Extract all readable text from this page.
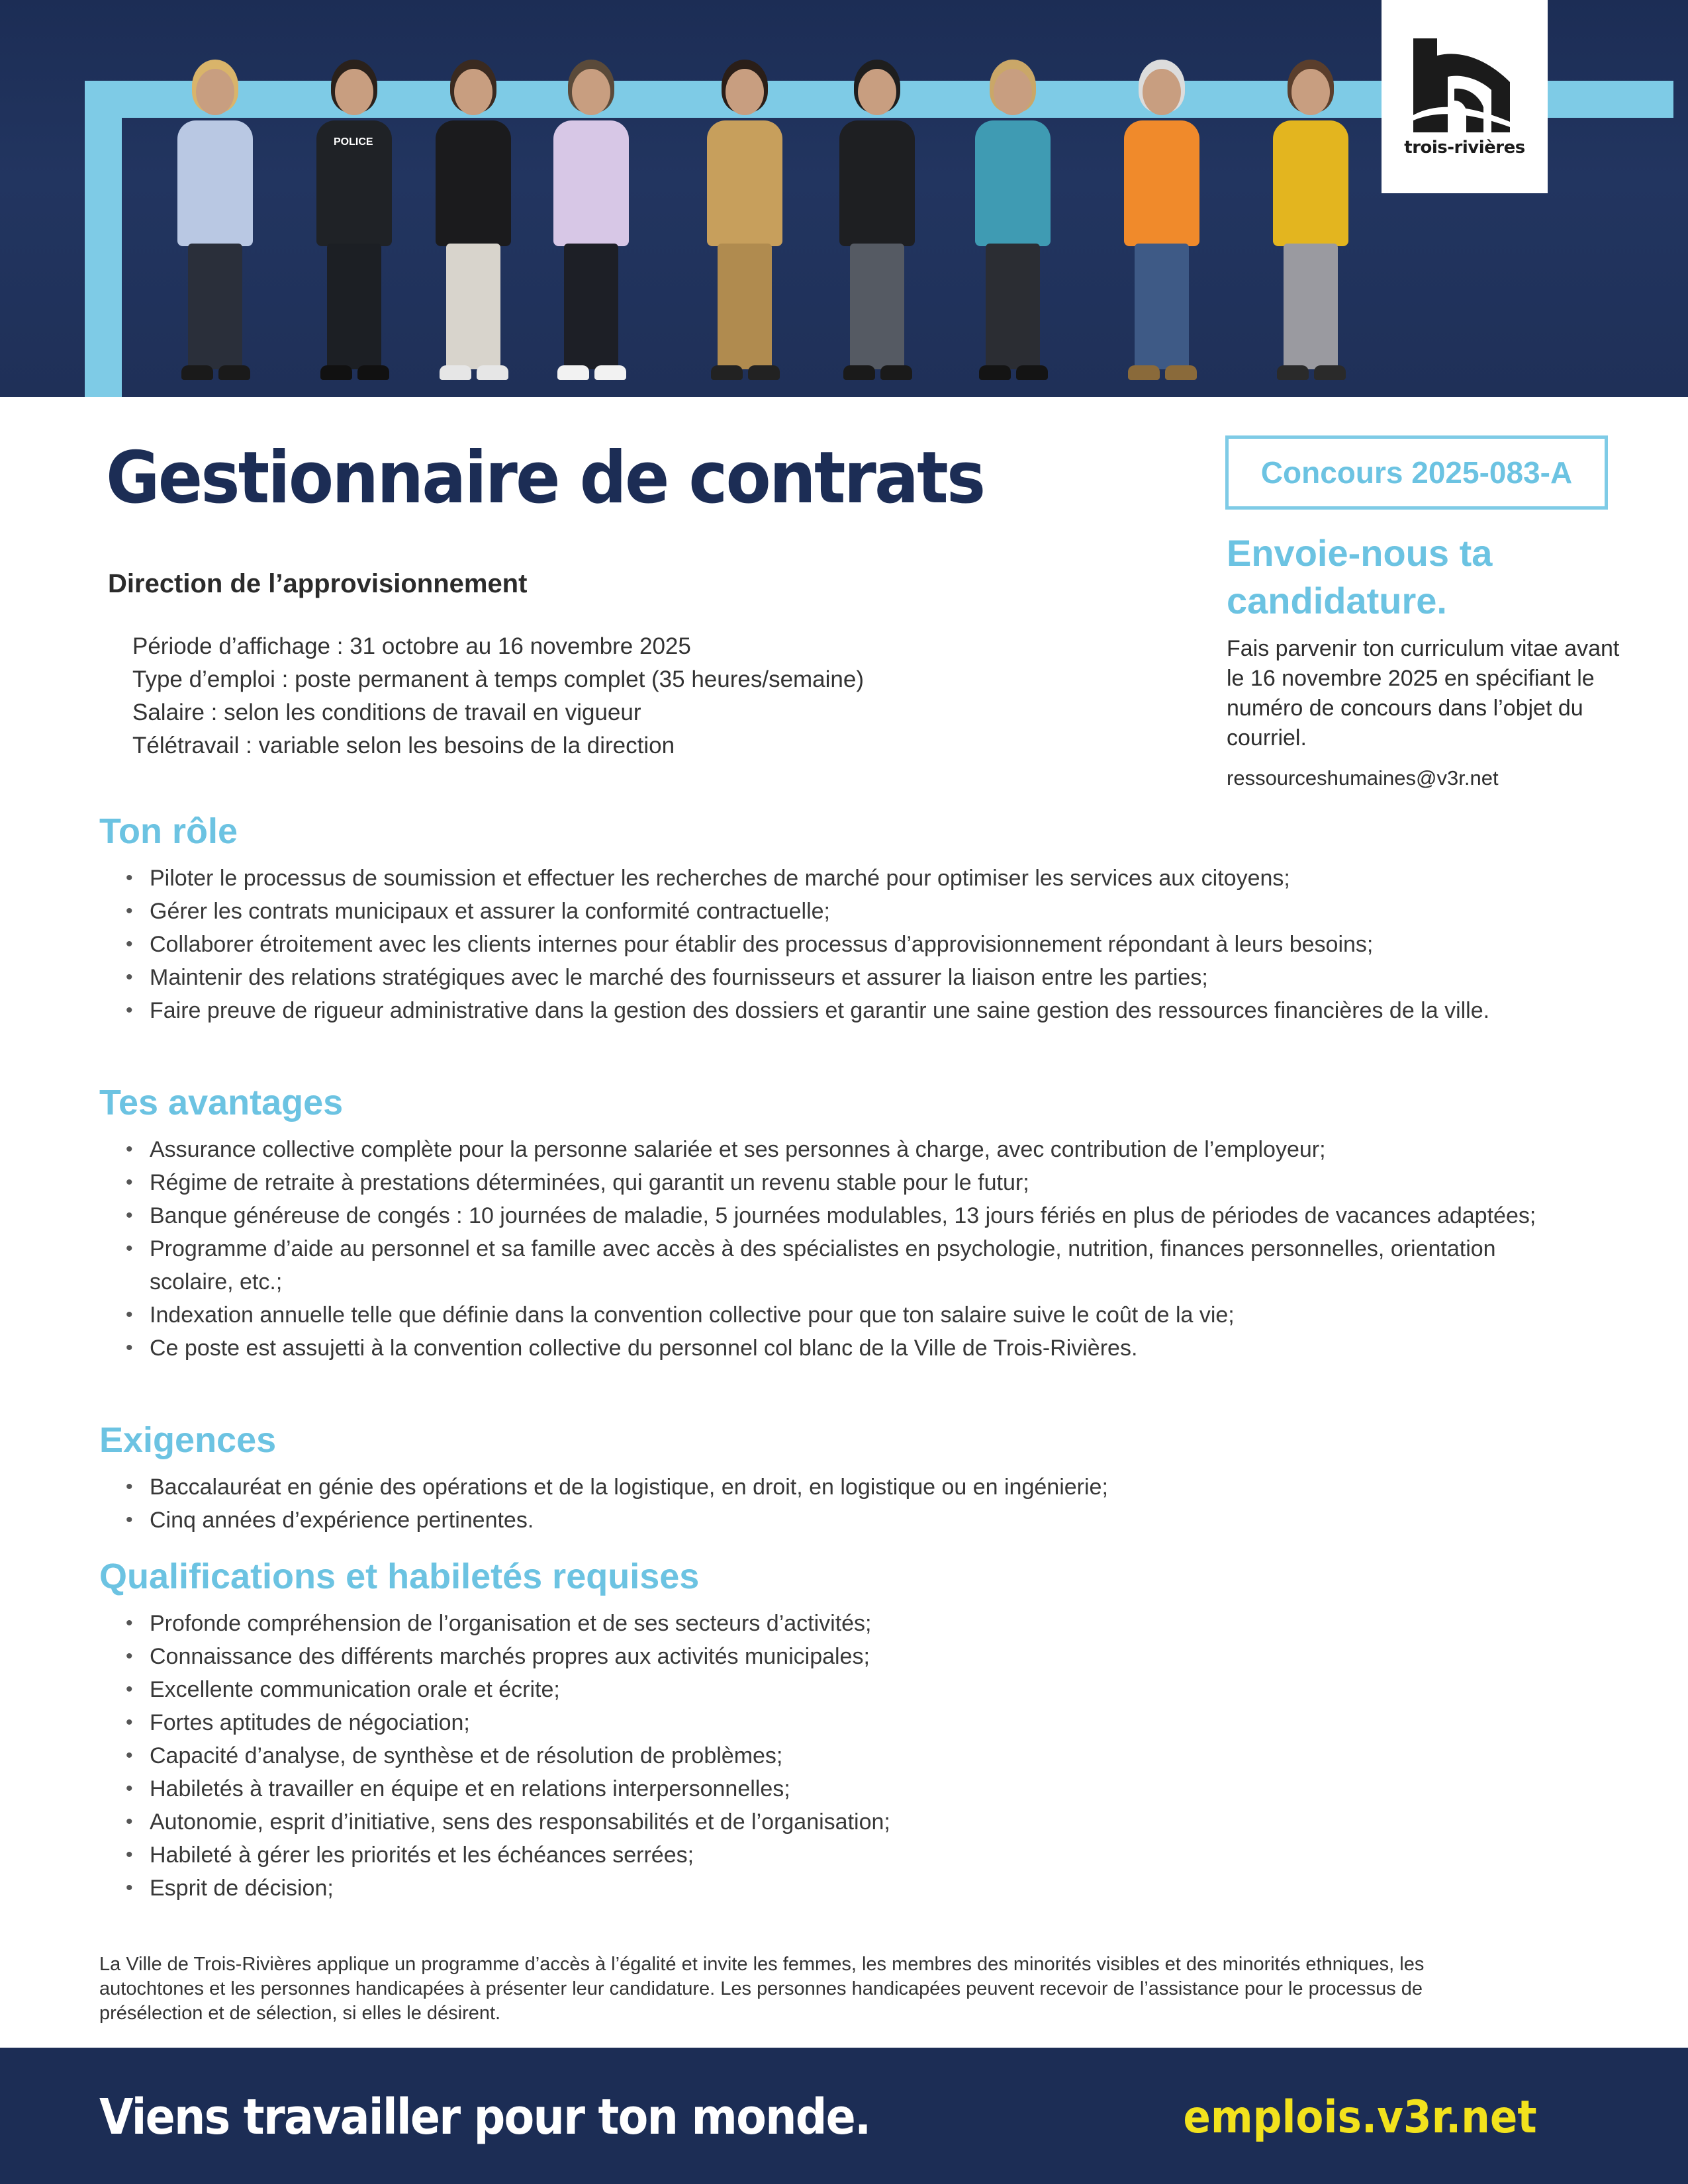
POLICE	trois-rivières
Gestionnaire de contrats
Direction de l’approvisionnement
Période d’affichage : 31 octobre au 16 novembre 2025
Type d’emploi : poste permanent à temps complet (35 heures/semaine)
Salaire : selon les conditions de travail en vigueur
Télétravail : variable selon les besoins de la direction
Concours 2025-083-A
Envoie-nous ta candidature.
Fais parvenir ton curriculum vitae avant le 16 novembre 2025 en spécifiant le numéro de concours dans l’objet du courriel.
ressourceshumaines@v3r.net
Ton rôle
• Piloter le processus de soumission et effectuer les recherches de marché pour optimiser les services aux citoyens;
• Gérer les contrats municipaux et assurer la conformité contractuelle;
• Collaborer étroitement avec les clients internes pour établir des processus d’approvisionnement répondant à leurs besoins;
• Maintenir des relations stratégiques avec le marché des fournisseurs et assurer la liaison entre les parties;
• Faire preuve de rigueur administrative dans la gestion des dossiers et garantir une saine gestion des ressources financières de la ville.
Tes avantages
• Assurance collective complète pour la personne salariée et ses personnes à charge, avec contribution de l’employeur;
• Régime de retraite à prestations déterminées, qui garantit un revenu stable pour le futur;
• Banque généreuse de congés : 10 journées de maladie, 5 journées modulables, 13 jours fériés en plus de périodes de vacances adaptées;
• Programme d’aide au personnel et sa famille avec accès à des spécialistes en psychologie, nutrition, finances personnelles, orientation scolaire, etc.;
• Indexation annuelle telle que définie dans la convention collective pour que ton salaire suive le coût de la vie;
• Ce poste est assujetti à la convention collective du personnel col blanc de la Ville de Trois-Rivières.
Exigences
• Baccalauréat en génie des opérations et de la logistique, en droit, en logistique ou en ingénierie;
• Cinq années d’expérience pertinentes.
Qualifications et habiletés requises
• Profonde compréhension de l’organisation et de ses secteurs d’activités;
• Connaissance des différents marchés propres aux activités municipales;
• Excellente communication orale et écrite;
• Fortes aptitudes de négociation;
• Capacité d’analyse, de synthèse et de résolution de problèmes;
• Habiletés à travailler en équipe et en relations interpersonnelles;
• Autonomie, esprit d’initiative, sens des responsabilités et de l’organisation;
• Habileté à gérer les priorités et les échéances serrées;
• Esprit de décision;
La Ville de Trois-Rivières applique un programme d’accès à l’égalité et invite les femmes, les membres des minorités visibles et des minorités ethniques, les autochtones et les personnes handicapées à présenter leur candidature. Les personnes handicapées peuvent recevoir de l’assistance pour le processus de présélection et de sélection, si elles le désirent.
Viens travailler pour ton monde.	emplois.v3r.net
